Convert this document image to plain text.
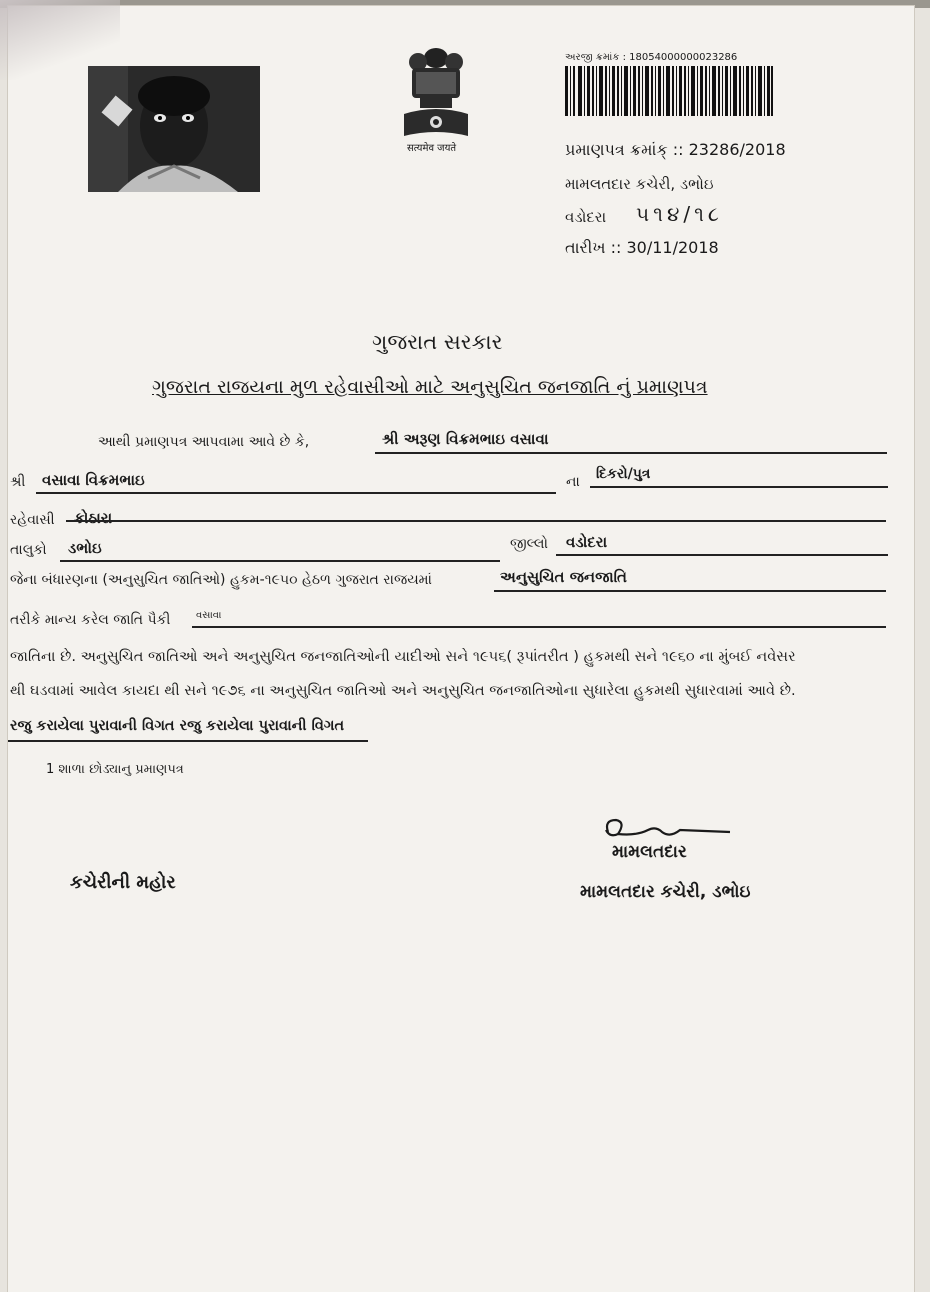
सत्यमेव जयते
અરજી ક્રમાંક : 18054000000023286
પ્રમાણપત્ર ક્રમાંક્ :: 23286/2018
મામલતદાર કચેરી, ડભોઇ
વડોદરા ૫૧૪/૧૮
તારીખ :: 30/11/2018
ગુજરાત સરકાર
ગુજરાત રાજયના મુળ રહેવાસીઓ માટે અનુસુચિત જનજાતિ નું પ્રમાણપત્ર
આથી પ્રમાણપત્ર આપવામા આવે છે કે,	શ્રી અરૂણ વિક્રમભાઇ વસાવા
શ્રી વસાવા વિક્રમભાઇ	ના દિકરો/પુત્ર
રહેવાસી કોઠારા
તાલુકો ડભોઇ	જીલ્લો વડોદરા
જેના બંધારણના (અનુસુચિત જાતિઓ) હુકમ-૧૯૫૦ હેઠળ ગુજરાત રાજયમાં	અનુસુચિત જનજાતિ
તરીકે માન્ય કરેલ જાતિ પૈકી	વસાવા
જાતિના છે. અનુસુચિત જાતિઓ અને અનુસુચિત જનજાતિઓની યાદીઓ સને ૧૯૫૬( રૂપાંતરીત ) હુકમથી સને ૧૯૬૦ ના મુંબઈ નવેસર
થી ઘડવામાં આવેલ કાયદા થી સને ૧૯૭૬ ના અનુસુચિત જાતિઓ અને અનુસુચિત જનજાતિઓના સુધારેલા હુકમથી સુધારવામાં આવે છે.
રજુ કરાયેલા પુરાવાની વિગત રજુ કરાયેલા પુરાવાની વિગત
1 શાળા છોડ્યાનુ પ્રમાણપત્ર
મામલતદાર
કચેરીની મહોર	મામલતદાર કચેરી, ડભોઇ
